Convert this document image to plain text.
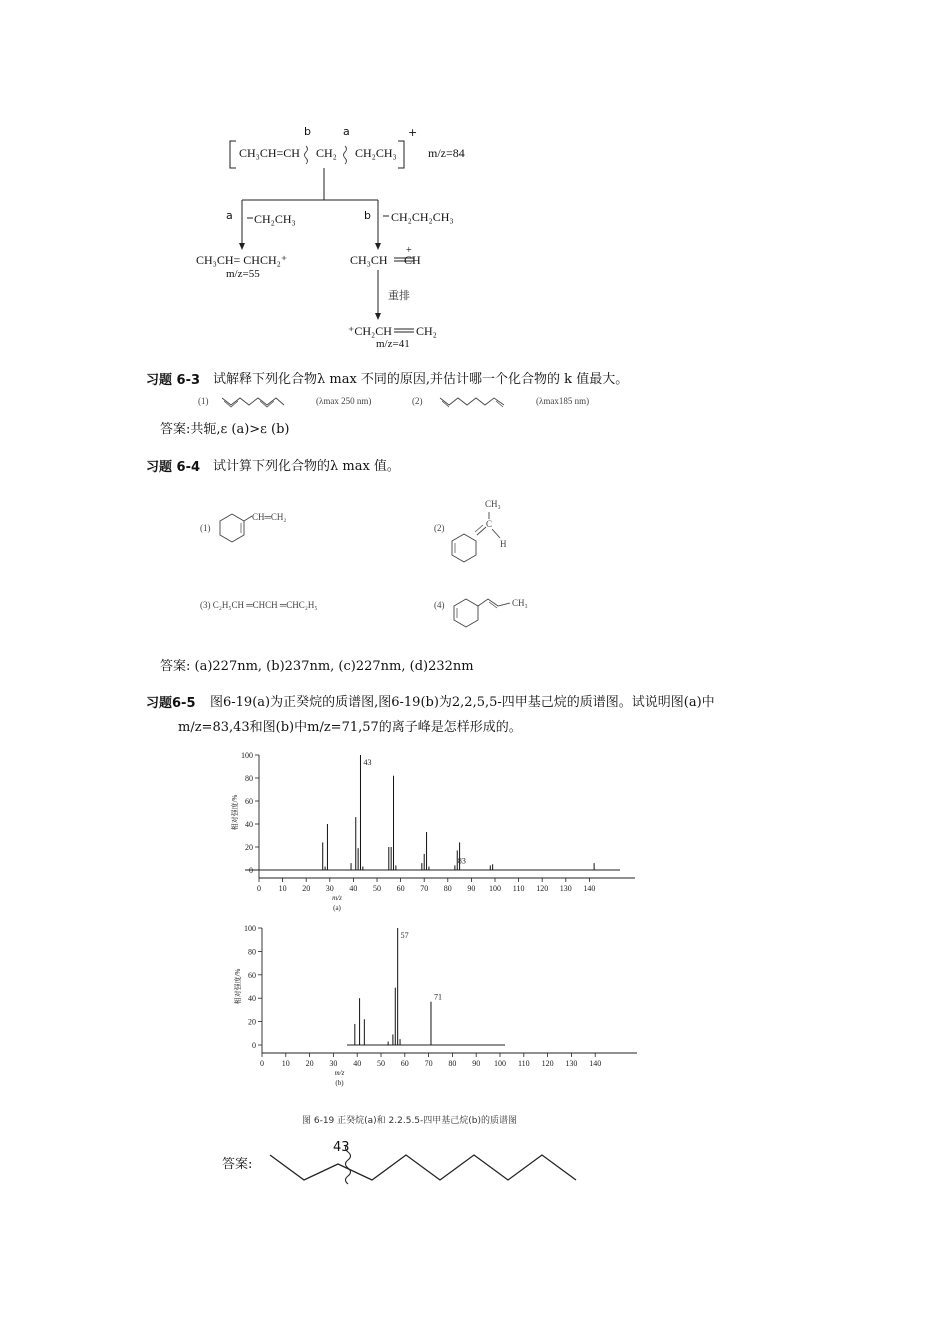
b	a	+
CH₃CH=CH CH₂ CH₂CH₃	m/z=84
a CH₂CH₃	b CH₂CH₂CH₃
CH₃CH= CHCH₂⁺
m/z=55
CH₃CH
+
CH
重排
⁺CH₂CH CH₂
m/z=41
习题 6-3 试解释下列化合物λ max 不同的原因,并估计哪一个化合物的 k 值最大。
(1)	(λmax 250 nm)	(2)	(λmax185 nm)
答案:共轭,ε (a)>ε (b)
习题 6-4 试计算下列化合物的λ max 值。
(1)
CH═CH₂
(2)
CH₃
C
H
(3) C₂H₅CH ═CHCH ═CHC₂H₅	(4)	CH₃
答案: (a)227nm, (b)237nm, (c)227nm, (d)232nm
习题6-5 图6-19(a)为正癸烷的质谱图,图6-19(b)为2,2,5,5-四甲基己烷的质谱图。试说明图(a)中
m/z=83,43和图(b)中m/z=71,57的离子峰是怎样形成的。
0
20
40
60
80
100
0 10 20 30 40 50 60 70 80 90 100 110 120 130 140
m/z
(a)
相对强度/%
43
83
0
20
40
60
80
100
0 10 20 30 40 50 60 70 80 90 100 110 120 130 140
m/z
(b)
相对强度/%
57
71
图 6-19 正癸烷(a)和 2.2.5.5-四甲基己烷(b)的质谱图
答案:
43
